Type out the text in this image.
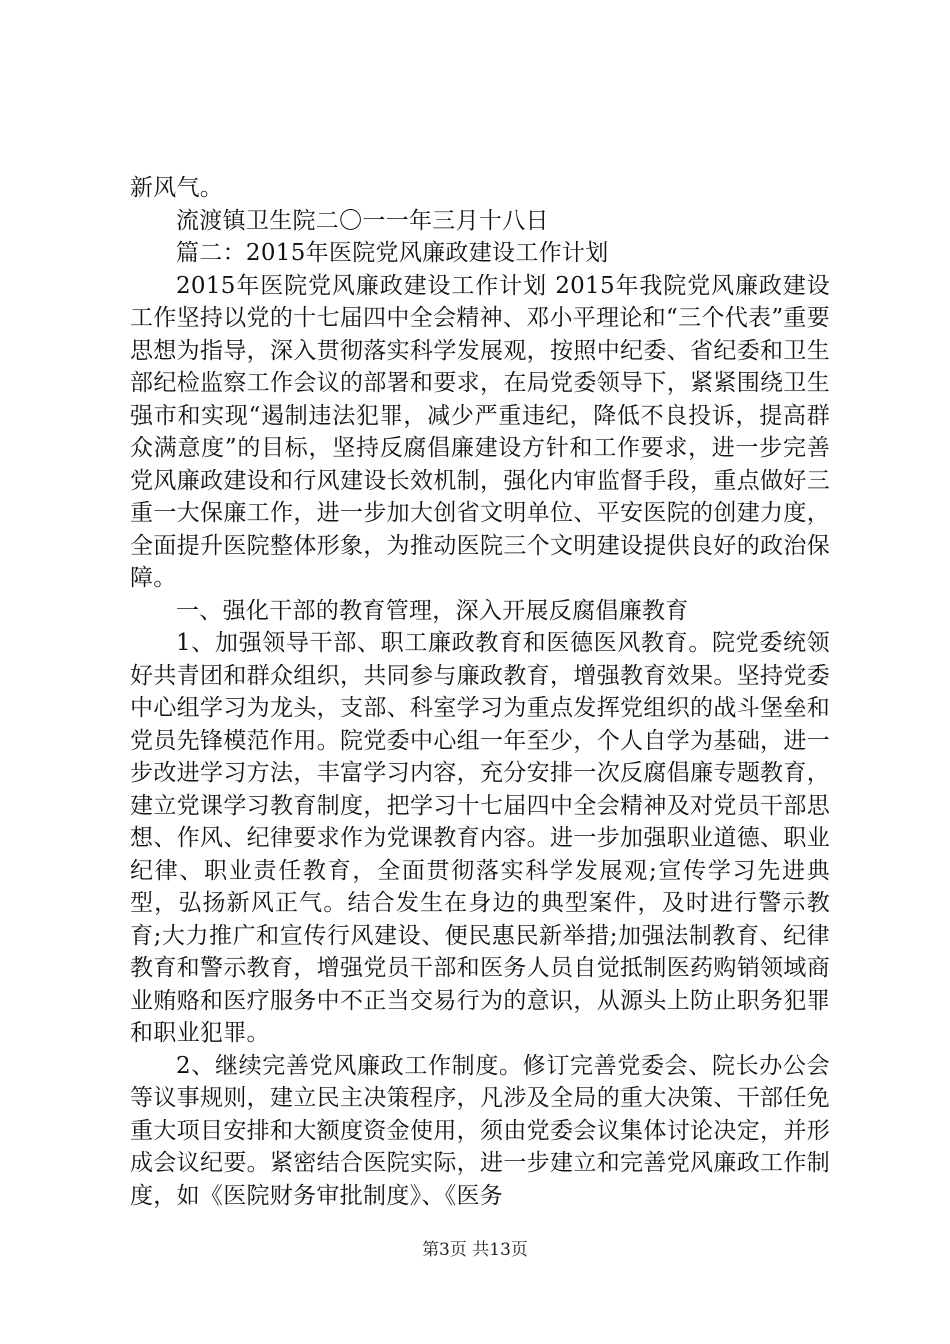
新风气。

流渡镇卫生院二〇一一年三月十八日

篇二：2015年医院党风廉政建设工作计划

2015年医院党风廉政建设工作计划 2015年我院党风廉政建设工作坚持以党的十七届四中全会精神、邓小平理论和“三个代表”重要思想为指导，深入贯彻落实科学发展观，按照中纪委、省纪委和卫生部纪检监察工作会议的部署和要求，在局党委领导下，紧紧围绕卫生强市和实现“遏制违法犯罪，减少严重违纪，降低不良投诉，提高群众满意度”的目标，坚持反腐倡廉建设方针和工作要求，进一步完善党风廉政建设和行风建设长效机制，强化内审监督手段，重点做好三重一大保廉工作，进一步加大创省文明单位、平安医院的创建力度，全面提升医院整体形象，为推动医院三个文明建设提供良好的政治保障。

一、强化干部的教育管理，深入开展反腐倡廉教育

1、加强领导干部、职工廉政教育和医德医风教育。院党委统领好共青团和群众组织，共同参与廉政教育，增强教育效果。坚持党委中心组学习为龙头，支部、科室学习为重点发挥党组织的战斗堡垒和党员先锋模范作用。院党委中心组一年至少，个人自学为基础，进一步改进学习方法，丰富学习内容，充分安排一次反腐倡廉专题教育，建立党课学习教育制度，把学习十七届四中全会精神及对党员干部思想、作风、纪律要求作为党课教育内容。进一步加强职业道德、职业纪律、职业责任教育，全面贯彻落实科学发展观;宣传学习先进典型，弘扬新风正气。结合发生在身边的典型案件，及时进行警示教育;大力推广和宣传行风建设、便民惠民新举措;加强法制教育、纪律教育和警示教育，增强党员干部和医务人员自觉抵制医药购销领域商业贿赂和医疗服务中不正当交易行为的意识，从源头上防止职务犯罪和职业犯罪。

2、继续完善党风廉政工作制度。修订完善党委会、院长办公会等议事规则，建立民主决策程序，凡涉及全局的重大决策、干部任免重大项目安排和大额度资金使用，须由党委会议集体讨论决定，并形成会议纪要。紧密结合医院实际，进一步建立和完善党风廉政工作制度，如《医院财务审批制度》、《医务

第3页 共13页
